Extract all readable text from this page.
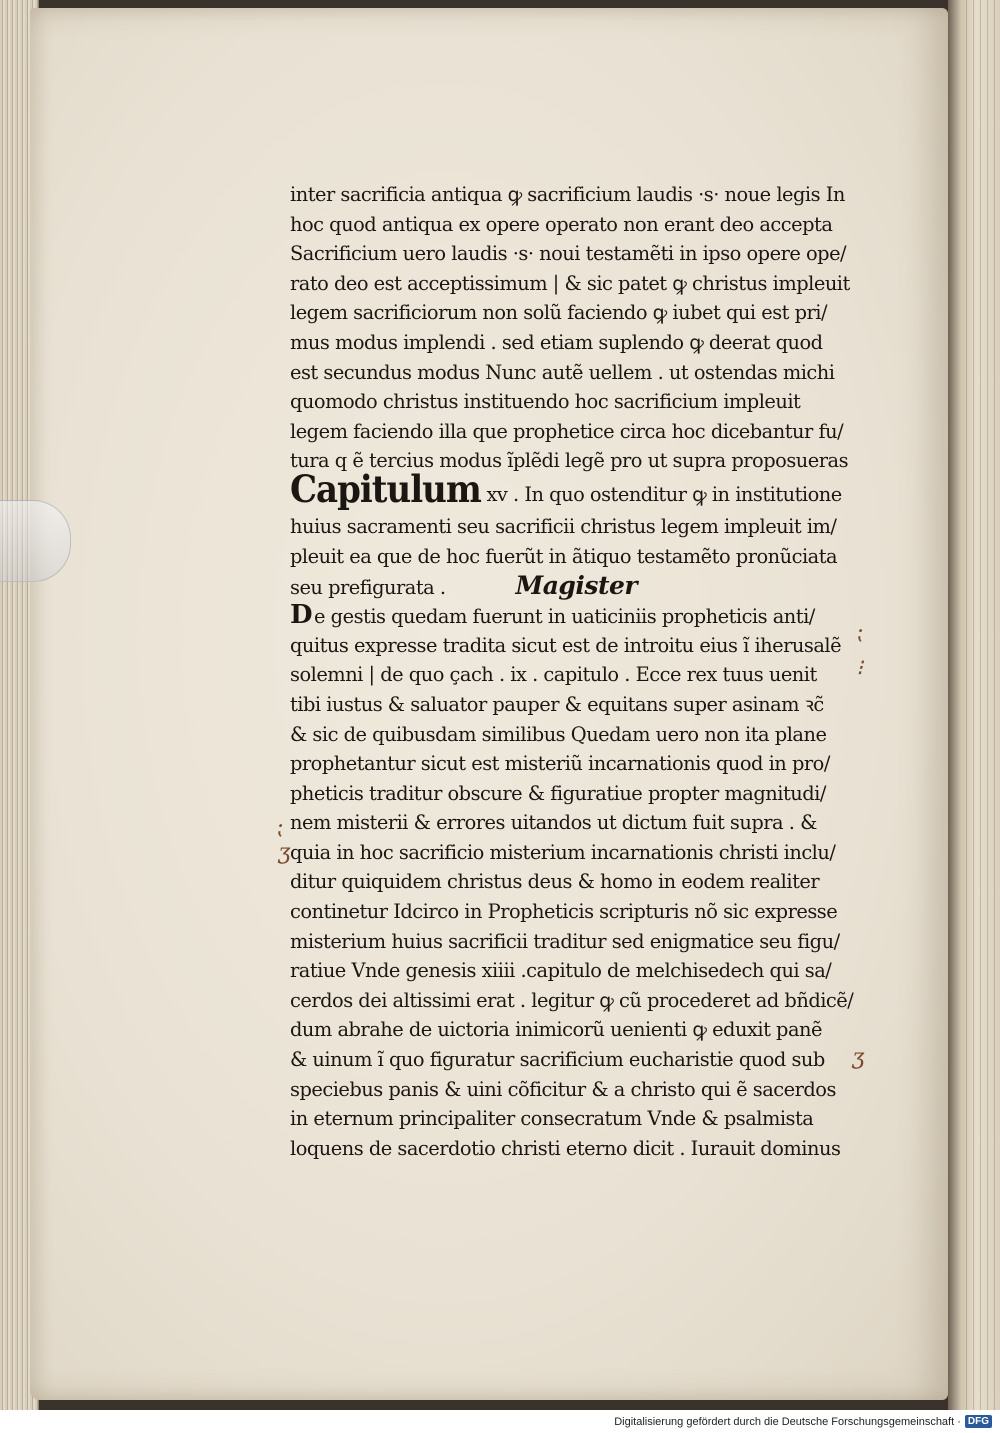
inter sacrificia antiqua ꝙ sacrificium laudis ·s· noue legis In
hoc quod antiqua ex opere operato non erant deo accepta
Sacrificium uero laudis ·s· noui testamẽti in ipso opere ope/
rato deo est acceptissimum | & sic patet ꝙ christus impleuit
legem sacrificiorum non solũ faciendo ꝙ iubet qui est pri/
mus modus implendi . sed etiam suplendo ꝙ deerat quod
est secundus modus Nunc autẽ uellem . ut ostendas michi
quomodo christus instituendo hoc sacrificium impleuit
legem faciendo illa que prophetice circa hoc dicebantur fu/
tura q ẽ tercius modus ĩplẽdi legẽ pro ut supra proposueras
Capitulum xv . In quo ostenditur ꝙ in institutione
huius sacramenti seu sacrificii christus legem impleuit im/
pleuit ea que de hoc fuerũt in ãtiquo testamẽto pronũciata
seu prefigurata .	Magister
D e gestis quedam fuerunt in uaticiniis propheticis anti/
quitus expresse tradita sicut est de introitu eius ĩ iherusalẽ
solemni | de quo çach . ix . capitulo . Ecce rex tuus uenit
tibi iustus & saluator pauper & equitans super asinam ꝛc̃
& sic de quibusdam similibus Quedam uero non ita plane
prophetantur sicut est misteriũ incarnationis quod in pro/
pheticis traditur obscure & figuratiue propter magnitudi/
nem misterii & errores uitandos ut dictum fuit supra . &
quia in hoc sacrificio misterium incarnationis christi inclu/
ditur quiquidem christus deus & homo in eodem realiter
continetur Idcirco in Propheticis scripturis nõ sic expresse
misterium huius sacrificii traditur sed enigmatice seu figu/
ratiue Vnde genesis xiiii .capitulo de melchisedech qui sa/
cerdos dei altissimi erat . legitur ꝙ cũ procederet ad bñdicẽ/
dum abrahe de uictoria inimicorũ uenienti ꝙ eduxit panẽ
& uinum ĩ quo figuratur sacrificium eucharistie quod sub
speciebus panis & uini cõficitur & a christo qui ẽ sacerdos
in eternum principaliter consecratum Vnde & psalmista
loquens de sacerdotio christi eterno dicit . Iurauit dominus
⁏
⁝
⁏
ʒ
ʒ
Digitalisierung gefördert durch die Deutsche Forschungsgemeinschaft · DFG
